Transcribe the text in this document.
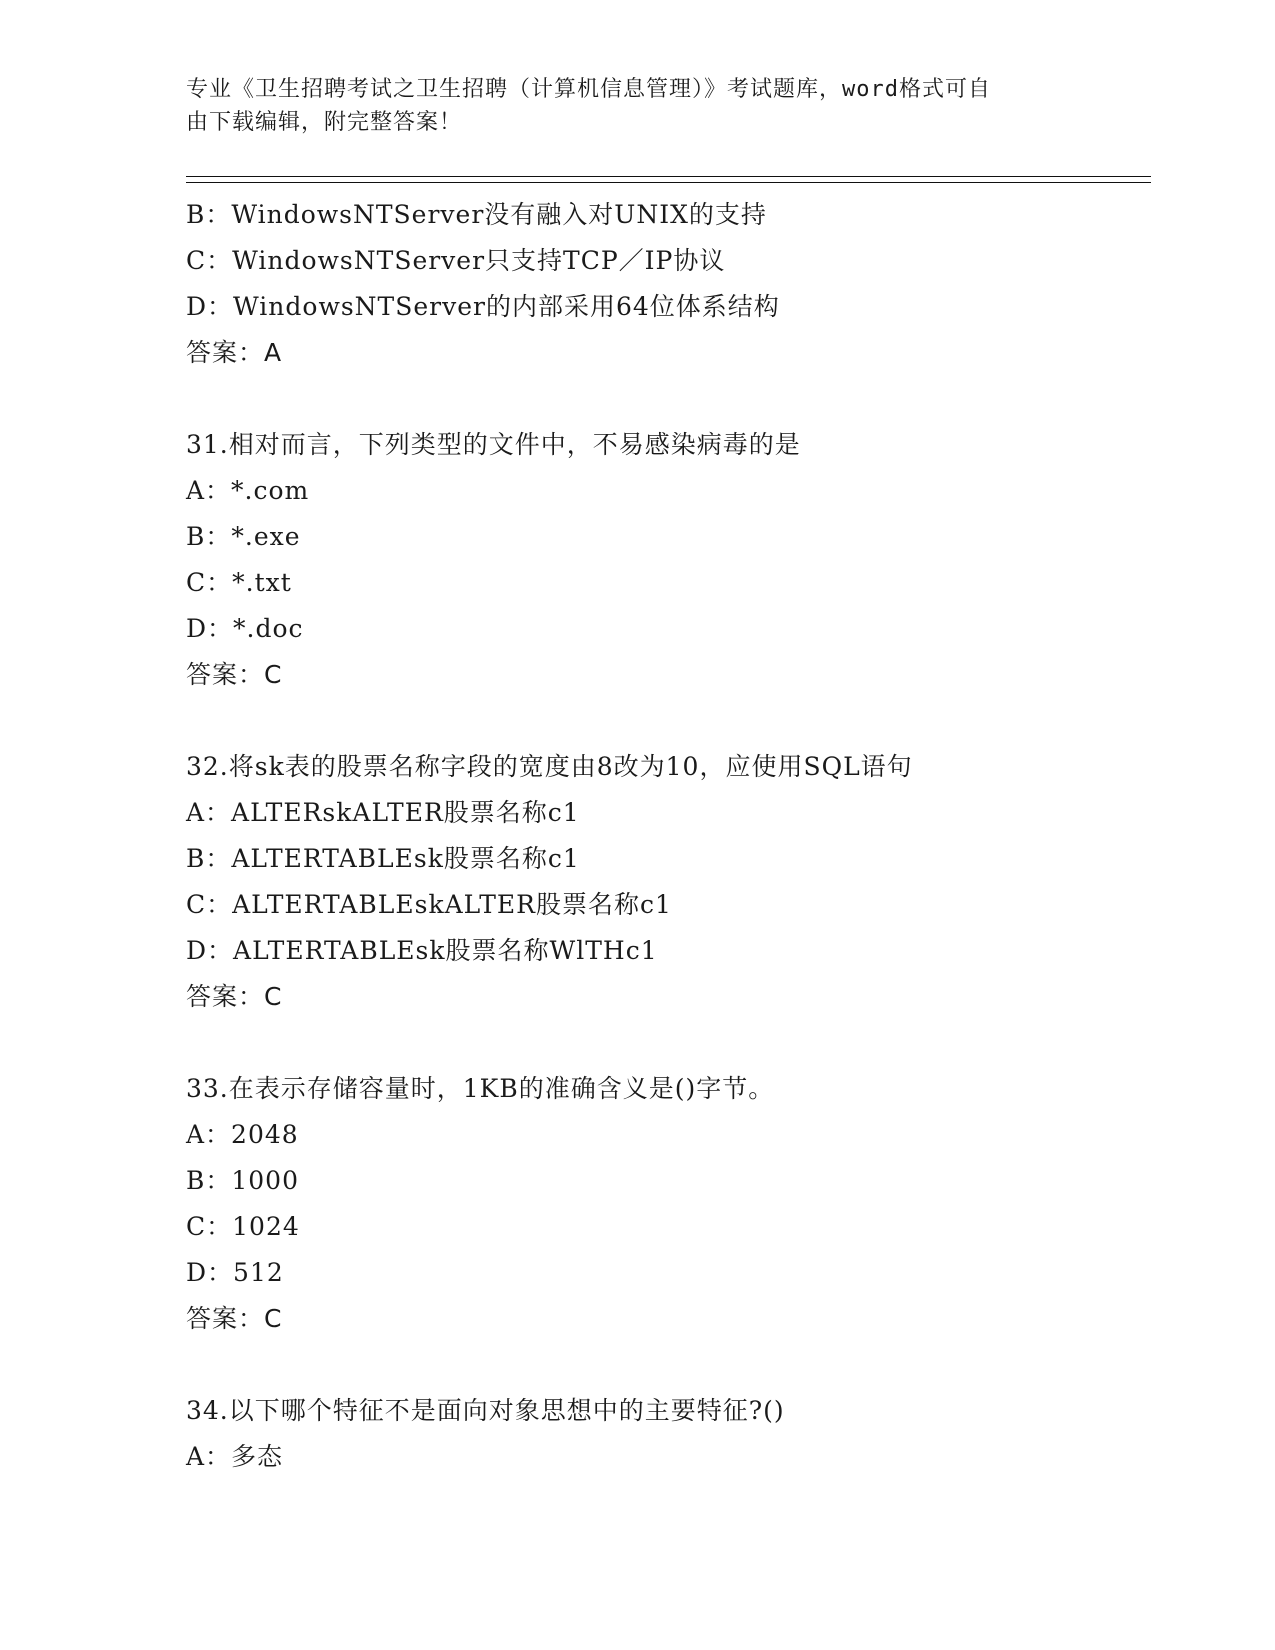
专业《卫生招聘考试之卫生招聘（计算机信息管理）》考试题库，word格式可自
由下载编辑，附完整答案！
B：WindowsNTServer没有融入对UNIX的支持
C：WindowsNTServer只支持TCP／IP协议
D：WindowsNTServer的内部采用64位体系结构
答案：A
31.相对而言，下列类型的文件中，不易感染病毒的是
A：*.com
B：*.exe
C：*.txt
D：*.doc
答案：C
32.将sk表的股票名称字段的宽度由8改为10，应使用SQL语句
A：ALTERskALTER股票名称c1
B：ALTERTABLEsk股票名称c1
C：ALTERTABLEskALTER股票名称c1
D：ALTERTABLEsk股票名称WlTHc1
答案：C
33.在表示存储容量时，1KB的准确含义是()字节。
A：2048
B：1000
C：1024
D：512
答案：C
34.以下哪个特征不是面向对象思想中的主要特征?()
A：多态
